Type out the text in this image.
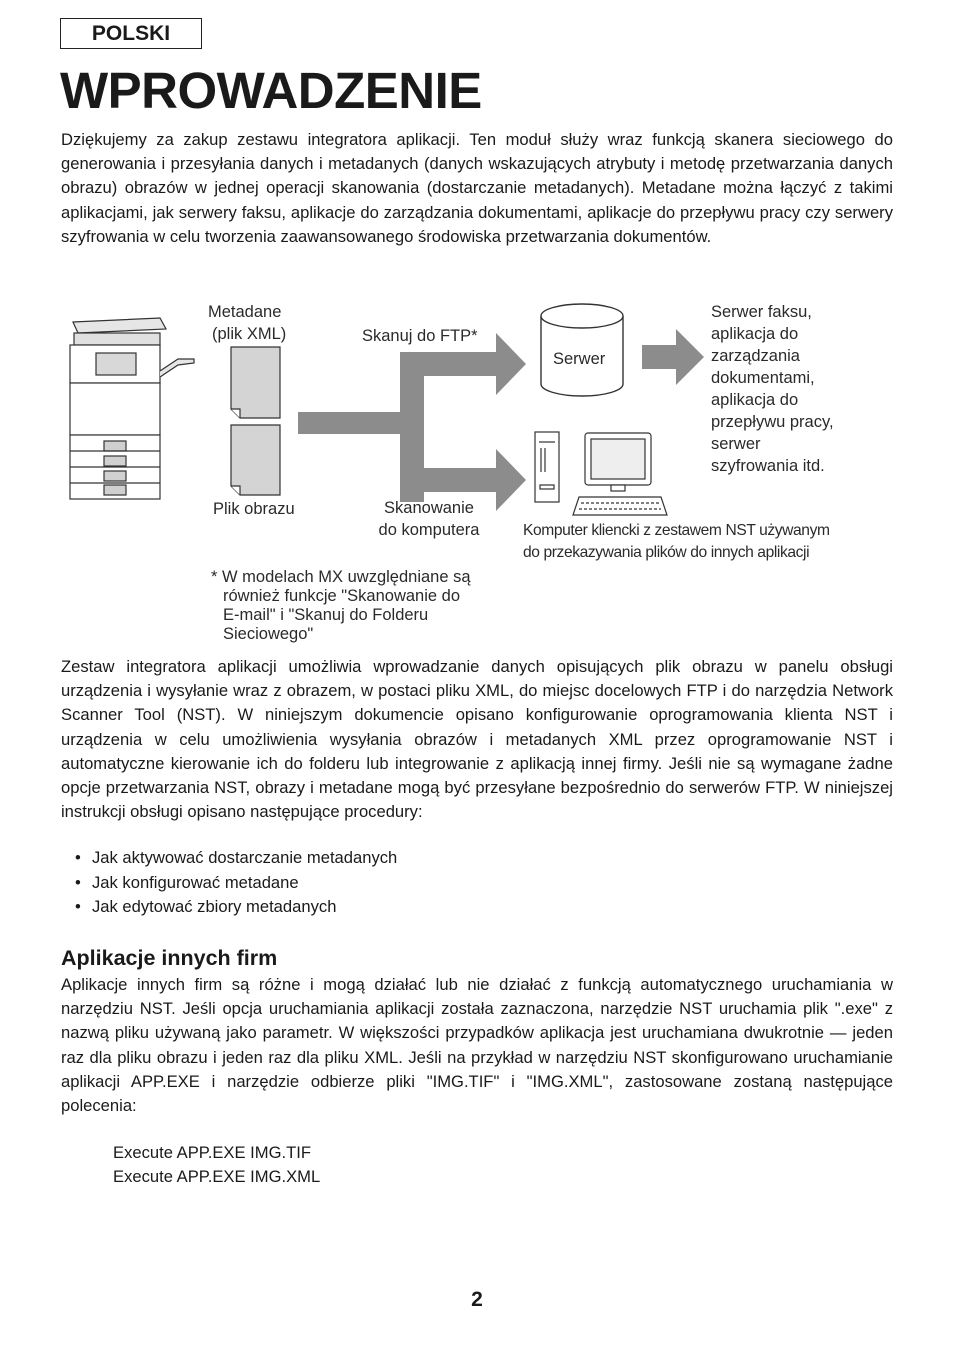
POLSKI
WPROWADZENIE

Dziękujemy za zakup zestawu integratora aplikacji. Ten moduł służy wraz funkcją skanera sieciowego do generowania i przesyłania danych i metadanych (danych wskazujących atrybuty i metodę przetwarzania danych obrazu) obrazów w jednej operacji skanowania (dostarczanie metadanych). Metadane można łączyć z takimi aplikacjami, jak serwery faksu, aplikacje do zarządzania dokumentami, aplikacje do przepływu pracy czy serwery szyfrowania w celu tworzenia zaawansowanego środowiska przetwarzania dokumentów.

Metadane
(plik XML)
Plik obrazu
Skanuj do FTP*
Skanowanie
do komputera
Serwer
Serwer faksu,
aplikacja do
zarządzania
dokumentami,
aplikacja do
przepływu pracy,
serwer
szyfrowania itd.
Komputer kliencki z zestawem NST używanym
do przekazywania plików do innych aplikacji
* W modelach MX uwzględniane są
również funkcje "Skanowanie do
E-mail" i "Skanuj do Folderu
Sieciowego"

Zestaw integratora aplikacji umożliwia wprowadzanie danych opisujących plik obrazu w panelu obsługi urządzenia i wysyłanie wraz z obrazem, w postaci pliku XML, do miejsc docelowych FTP i do narzędzia Network Scanner Tool (NST). W niniejszym dokumencie opisano konfigurowanie oprogramowania klienta NST i urządzenia w celu umożliwienia wysyłania obrazów i metadanych XML przez oprogramowanie NST i automatyczne kierowanie ich do folderu lub integrowanie z aplikacją innej firmy. Jeśli nie są wymagane żadne opcje przetwarzania NST, obrazy i metadane mogą być przesyłane bezpośrednio do serwerów FTP. W niniejszej instrukcji obsługi opisano następujące procedury:

• Jak aktywować dostarczanie metadanych
• Jak konfigurować metadane
• Jak edytować zbiory metadanych
Aplikacje innych firm

Aplikacje innych firm są różne i mogą działać lub nie działać z funkcją automatycznego uruchamiania w narzędziu NST. Jeśli opcja uruchamiania aplikacji została zaznaczona, narzędzie NST uruchamia plik ".exe" z nazwą pliku używaną jako parametr. W większości przypadków aplikacja jest uruchamiana dwukrotnie — jeden raz dla pliku obrazu i jeden raz dla pliku XML. Jeśli na przykład w narzędziu NST skonfigurowano uruchamianie aplikacji APP.EXE i narzędzie odbierze pliki "IMG.TIF" i "IMG.XML", zastosowane zostaną następujące polecenia:

Execute APP.EXE IMG.TIF
Execute APP.EXE IMG.XML
2
